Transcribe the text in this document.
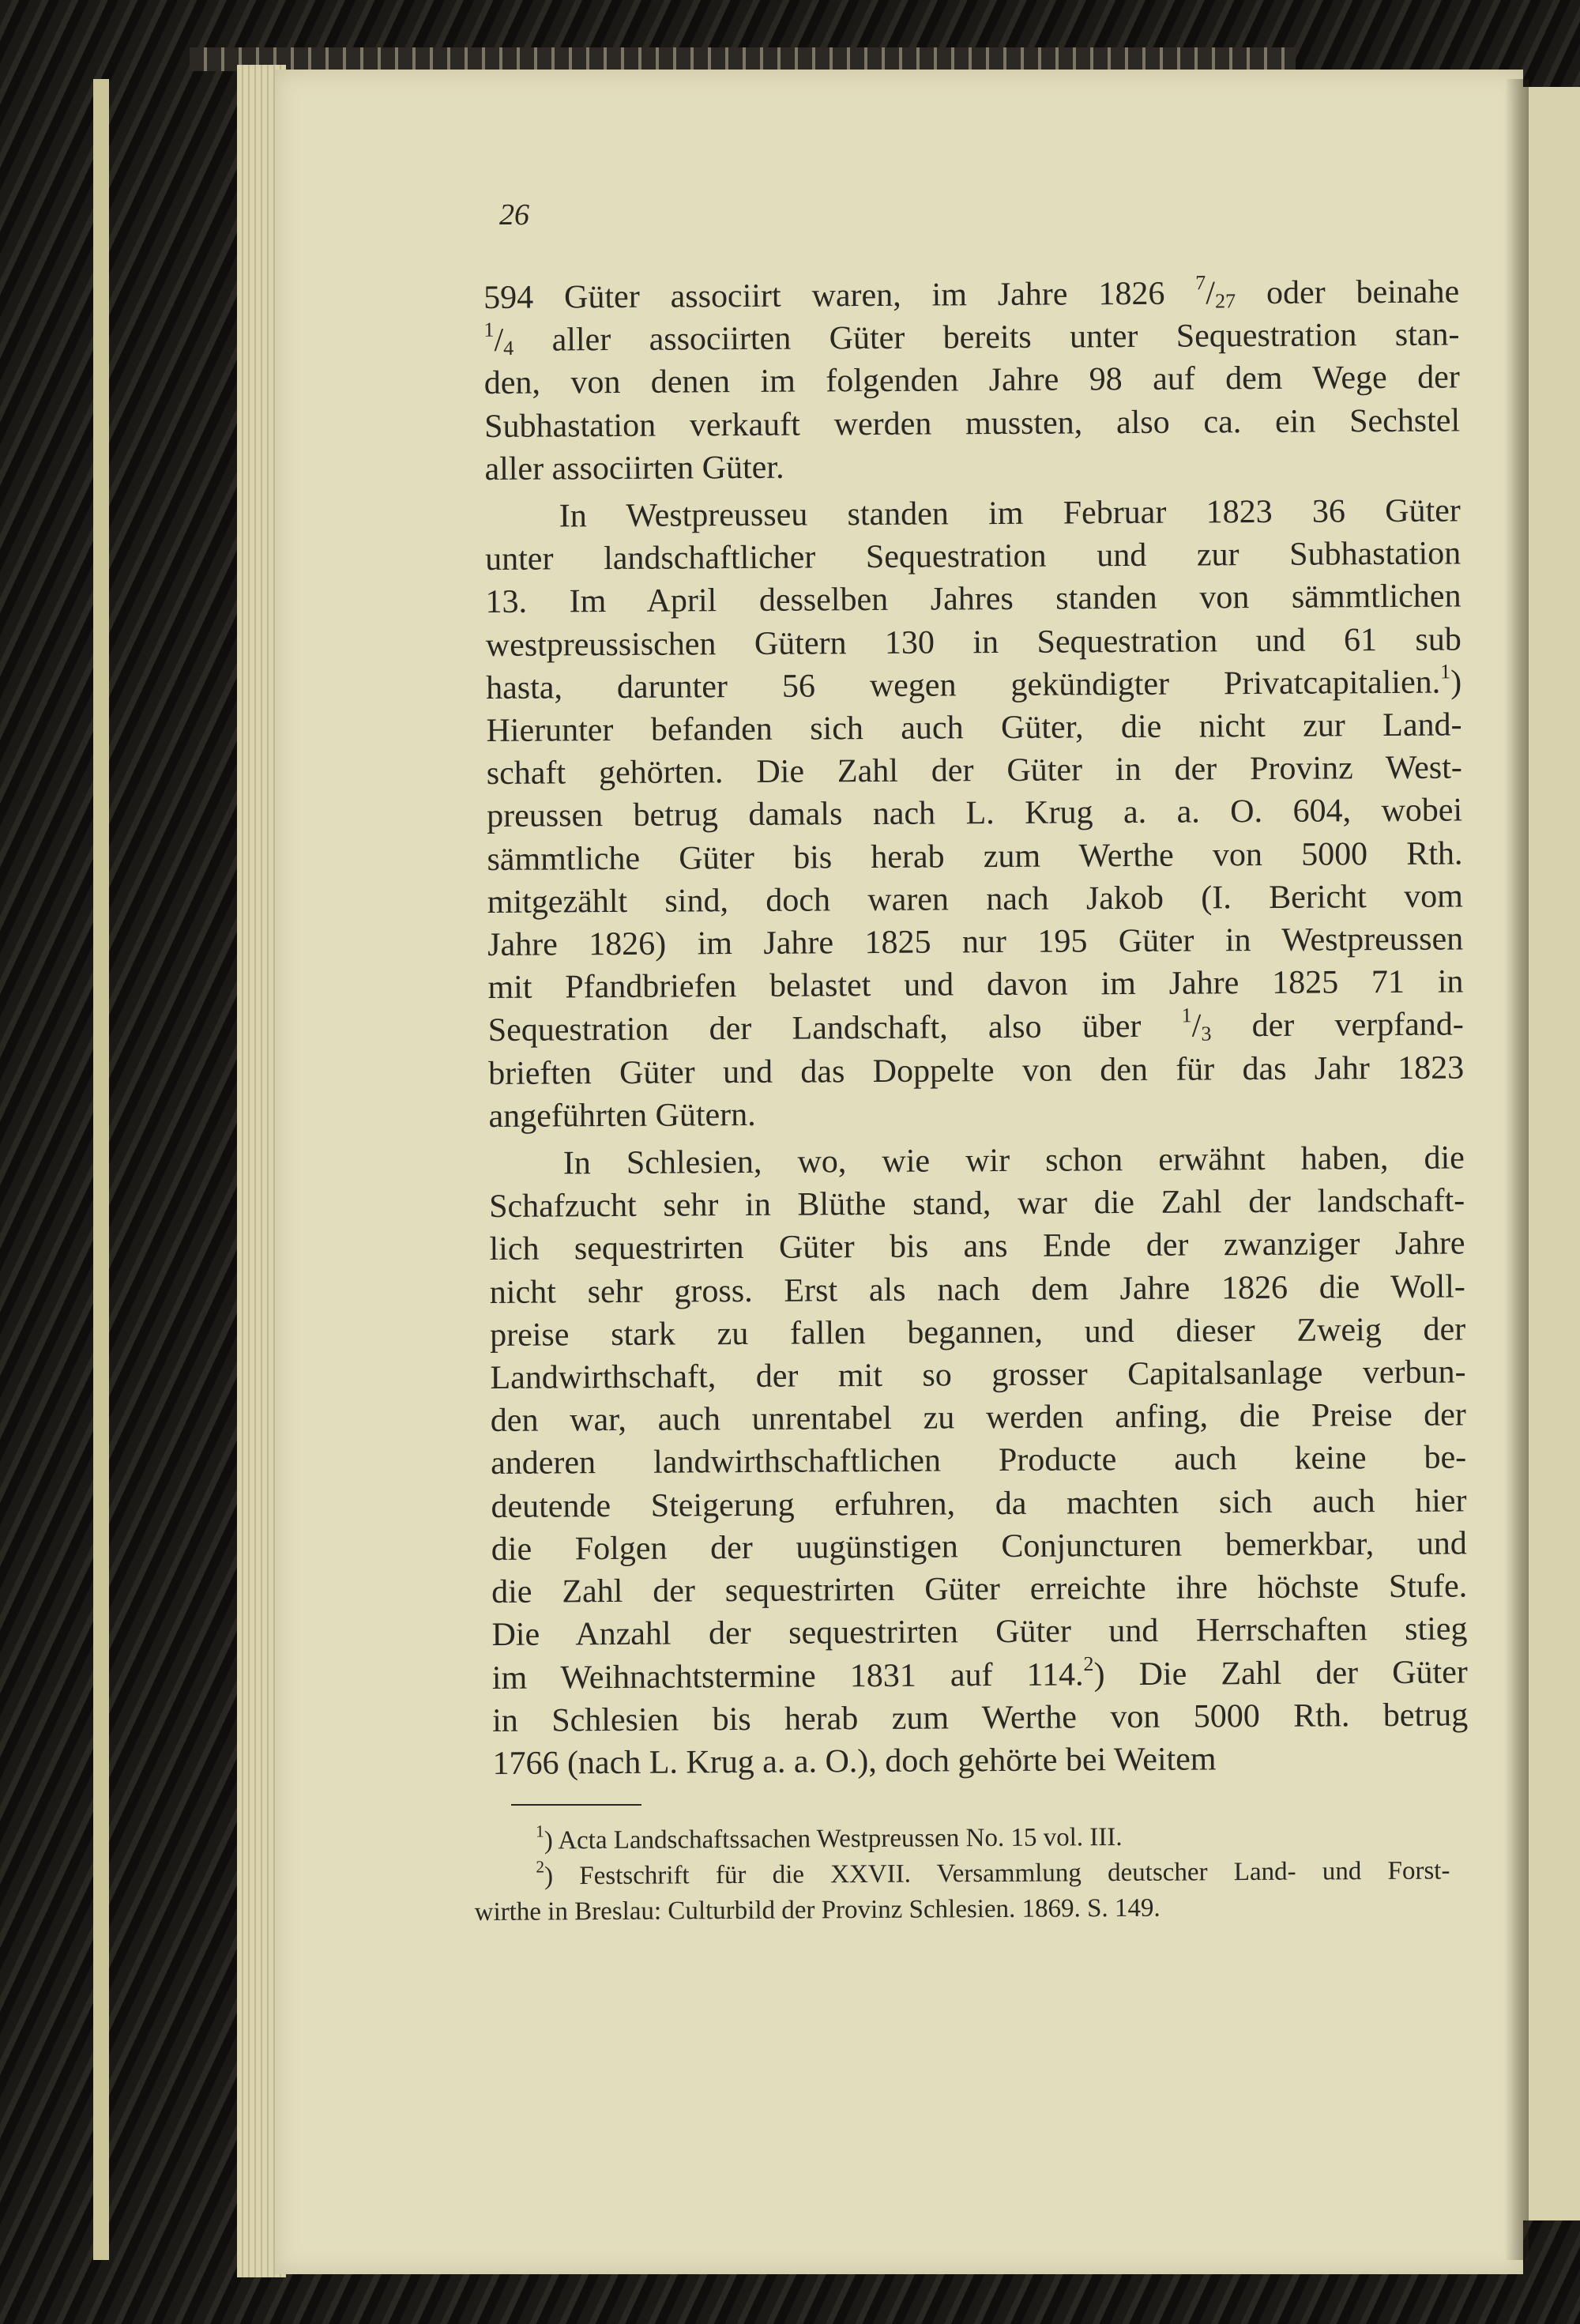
26

594 Güter associirt waren, im Jahre 1826 $^7/_{27}$ oder beinahe

$^1/_4$ aller associirten Güter bereits unter Sequestration stan-

den, von denen im folgenden Jahre 98 auf dem Wege der

Subhastation verkauft werden mussten, also ca. ein Sechstel

aller associirten Güter.

In Westpreusseu standen im Februar 1823 36 Güter

unter landschaftlicher Sequestration und zur Subhastation

13. Im April desselben Jahres standen von sämmtlichen

westpreussischen Gütern 130 in Sequestration und 61 sub

hasta, darunter 56 wegen gekündigter Privatcapitalien.$^1$)

Hierunter befanden sich auch Güter, die nicht zur Land-

schaft gehörten. Die Zahl der Güter in der Provinz West-

preussen betrug damals nach L. Krug a. a. O. 604, wobei

sämmtliche Güter bis herab zum Werthe von 5000 Rth.

mitgezählt sind, doch waren nach Jakob (I. Bericht vom

Jahre 1826) im Jahre 1825 nur 195 Güter in Westpreussen

mit Pfandbriefen belastet und davon im Jahre 1825 71 in

Sequestration der Landschaft, also über $^1/_3$ der verpfand-

brieften Güter und das Doppelte von den für das Jahr 1823

angeführten Gütern.

In Schlesien, wo, wie wir schon erwähnt haben, die

Schafzucht sehr in Blüthe stand, war die Zahl der landschaft-

lich sequestrirten Güter bis ans Ende der zwanziger Jahre

nicht sehr gross. Erst als nach dem Jahre 1826 die Woll-

preise stark zu fallen begannen, und dieser Zweig der

Landwirthschaft, der mit so grosser Capitalsanlage verbun-

den war, auch unrentabel zu werden anfing, die Preise der

anderen landwirthschaftlichen Producte auch keine be-

deutende Steigerung erfuhren, da machten sich auch hier

die Folgen der uugünstigen Conjuncturen bemerkbar, und

die Zahl der sequestrirten Güter erreichte ihre höchste Stufe.

Die Anzahl der sequestrirten Güter und Herrschaften stieg

im Weihnachtstermine 1831 auf 114.$^2$) Die Zahl der Güter

in Schlesien bis herab zum Werthe von 5000 Rth. betrug

1766 (nach L. Krug a. a. O.), doch gehörte bei Weitem

$^1$) Acta Landschaftssachen Westpreussen No. 15 vol. III.

$^2$) Festschrift für die XXVII. Versammlung deutscher Land- und Forst-

wirthe in Breslau: Culturbild der Provinz Schlesien. 1869. S. 149.
